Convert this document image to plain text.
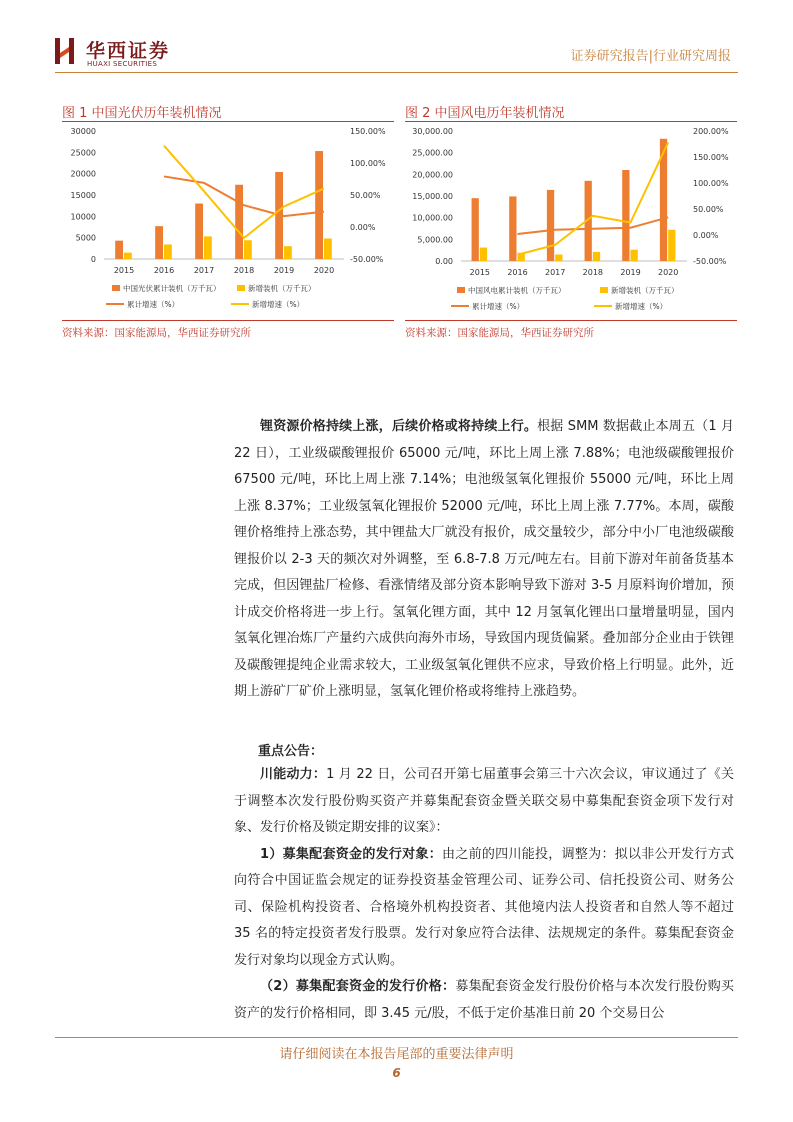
华西证券
HUAXI SECURITIES	证券研究报告|行业研究周报
图 1 中国光伏历年装机情况
0
5000
10000
15000
20000
25000
30000
-50.00%
0.00%
50.00%
100.00%
150.00%
2015 2016 2017 2018 2019 2020
中国光伏累计装机（万千瓦）	新增装机（万千瓦）
累计增速（%）	新增增速（%）
资料来源：国家能源局，华西证券研究所
图 2 中国风电历年装机情况
0.00
5,000.00
10,000.00
15,000.00
20,000.00
25,000.00
30,000.00
-50.00%
0.00%
50.00%
100.00%
150.00%
200.00%
2015 2016 2017 2018 2019 2020
中国风电累计装机（万千瓦）	新增装机（万千瓦）
累计增速（%）	新增增速（%）
资料来源：国家能源局，华西证券研究所

锂资源价格持续上涨，后续价格或将持续上行。根据 SMM 数据截止本周五（1 月 22 日），工业级碳酸锂报价 65000 元/吨，环比上周上涨 7.88%；电池级碳酸锂报价 67500 元/吨，环比上周上涨 7.14%；电池级氢氧化锂报价 55000 元/吨，环比上周上涨 8.37%；工业级氢氧化锂报价 52000 元/吨，环比上周上涨 7.77%。本周，碳酸锂价格维持上涨态势，其中锂盐大厂就没有报价，成交量较少，部分中小厂电池级碳酸锂报价以 2-3 天的频次对外调整，至 6.8-7.8 万元/吨左右。目前下游对年前备货基本完成，但因锂盐厂检修、看涨情绪及部分资本影响导致下游对 3-5 月原料询价增加，预计成交价格将进一步上行。氢氧化锂方面，其中 12 月氢氧化锂出口量增量明显，国内氢氧化锂冶炼厂产量约六成供向海外市场，导致国内现货偏紧。叠加部分企业由于铁锂及碳酸锂提纯企业需求较大，工业级氢氧化锂供不应求，导致价格上行明显。此外，近期上游矿厂矿价上涨明显，氢氧化锂价格或将维持上涨趋势。

重点公告：

川能动力：1 月 22 日，公司召开第七届董事会第三十六次会议，审议通过了《关于调整本次发行股份购买资产并募集配套资金暨关联交易中募集配套资金项下发行对象、发行价格及锁定期安排的议案》：

1）募集配套资金的发行对象：由之前的四川能投，调整为：拟以非公开发行方式向符合中国证监会规定的证券投资基金管理公司、证券公司、信托投资公司、财务公司、保险机构投资者、合格境外机构投资者、其他境内法人投资者和自然人等不超过 35 名的特定投资者发行股票。发行对象应符合法律、法规规定的条件。募集配套资金发行对象均以现金方式认购。

（2）募集配套资金的发行价格：募集配套资金发行股份价格与本次发行股份购买资产的发行价格相同，即 3.45 元/股，不低于定价基准日前 20 个交易日公

请仔细阅读在本报告尾部的重要法律声明
6
